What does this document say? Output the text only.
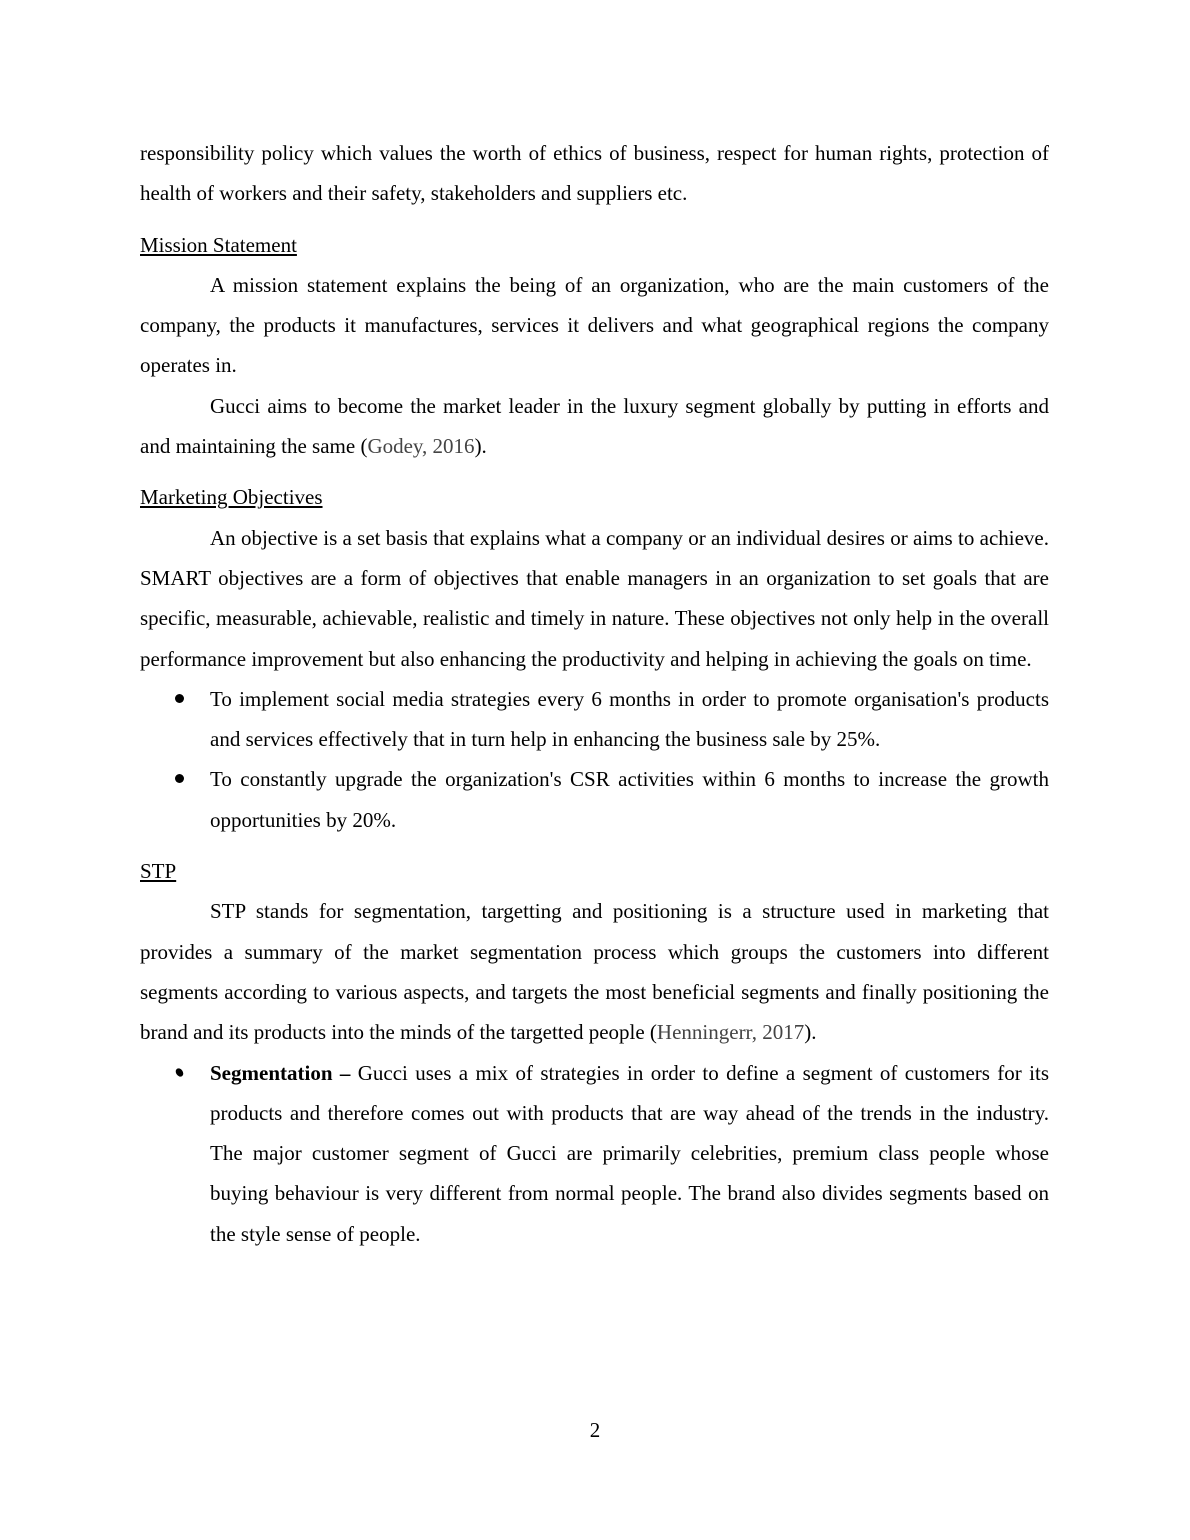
responsibility policy which values the worth of ethics of business, respect for human rights, protection of health of workers and their safety, stakeholders and suppliers etc.

Mission Statement

A mission statement explains the being of an organization, who are the main customers of the company, the products it manufactures, services it delivers and what geographical regions the company operates in.

Gucci aims to become the market leader in the luxury segment globally by putting in efforts and and maintaining the same (Godey, 2016).

Marketing Objectives

An objective is a set basis that explains what a company or an individual desires or aims to achieve. SMART objectives are a form of objectives that enable managers in an organization to set goals that are specific, measurable, achievable, realistic and timely in nature. These objectives not only help in the overall performance improvement but also enhancing the productivity and helping in achieving the goals on time.

To implement social media strategies every 6 months in order to promote organisation's products and services effectively that in turn help in enhancing the business sale by 25%.
To constantly upgrade the organization's CSR activities within 6 months to increase the growth opportunities by 20%.

STP

STP stands for segmentation, targetting and positioning is a structure used in marketing that provides a summary of the market segmentation process which groups the customers into different segments according to various aspects, and targets the most beneficial segments and finally positioning the brand and its products into the minds of the targetted people (Henningerr, 2017).

Segmentation – Gucci uses a mix of strategies in order to define a segment of customers for its products and therefore comes out with products that are way ahead of the trends in the industry. The major customer segment of Gucci are primarily celebrities, premium class people whose buying behaviour is very different from normal people. The brand also divides segments based on the style sense of people.
2
